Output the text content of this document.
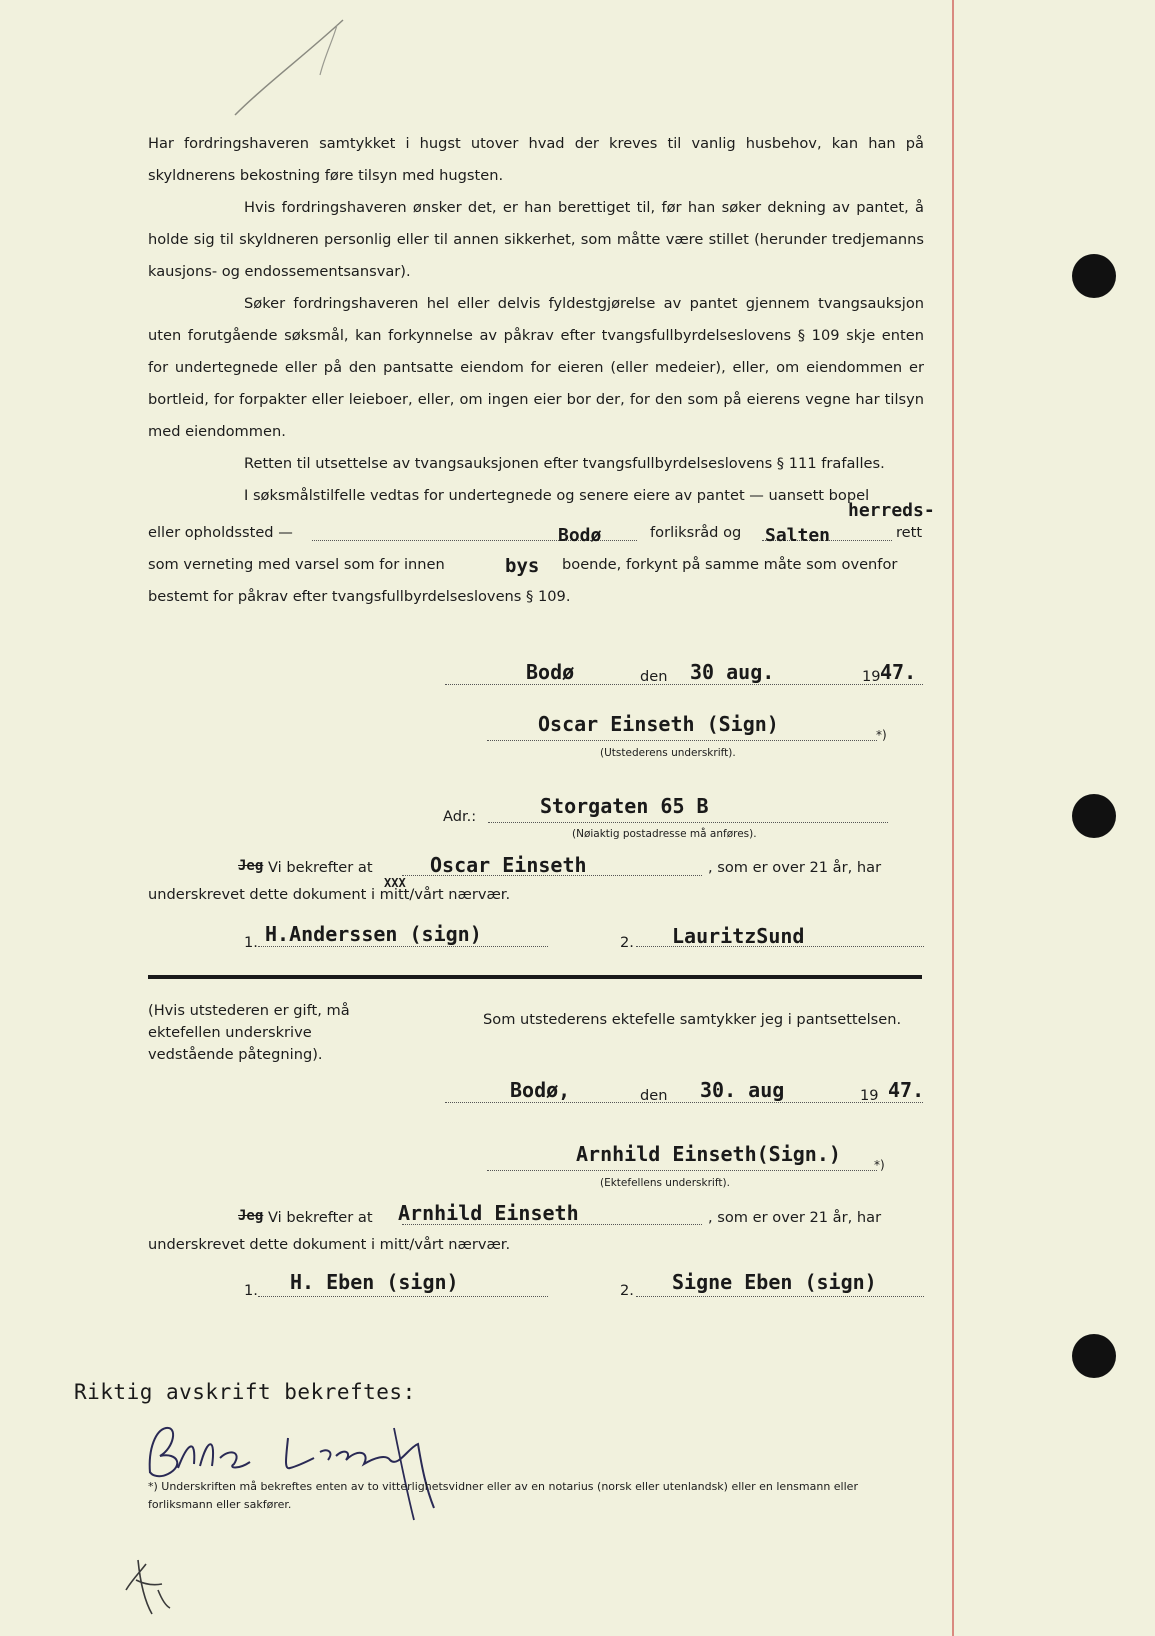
Har fordringshaveren samtykket i hugst utover hvad der kreves til vanlig husbehov, kan han på skyldnerens bekostning føre tilsyn med hugsten.

Hvis fordringshaveren ønsker det, er han berettiget til, før han søker dekning av pantet, å holde sig til skyldneren personlig eller til annen sikkerhet, som måtte være stillet (herunder tredjemanns kausjons- og endossementsansvar).

Søker fordringshaveren hel eller delvis fyldestgjørelse av pantet gjennem tvangsauksjon uten forutgående søksmål, kan forkynnelse av påkrav efter tvangsfullbyrdelseslovens § 109 skje enten for undertegnede eller på den pantsatte eiendom for eieren (eller medeier), eller, om eiendommen er bortleid, for forpakter eller leieboer, eller, om ingen eier bor der, for den som på eierens vegne har tilsyn med eiendommen.

Retten til utsettelse av tvangsauksjonen efter tvangsfullbyrdelseslovens § 111 frafalles.

I søksmålstilfelle vedtas for undertegnede og senere eiere av pantet — uansett bopel

herreds-
eller opholdssted —	Bodø	forliksråd og Salten	rett
som verneting med varsel som for innen	bys boende, forkynt på samme måte som ovenfor
bestemt for påkrav efter tvangsfullbyrdelseslovens § 109.
Bodø	den 30 aug.	19 47.
Oscar Einseth (Sign)	*)
(Utstederens underskrift).
Adr.:	Storgaten 65 B
(Nøiaktig postadresse må anføres).
Jeg Vi bekrefter at	Oscar Einseth	, som er over 21 år, har
underskrevet dette dokument i mitt/vårt nærvær.
XXX
1. H.Anderssen (sign)	2. LauritzSund
(Hvis utstederen er gift, må ektefellen underskrive vedstående påtegning).
Som utstederens ektefelle samtykker jeg i pantsettelsen.
Bodø,	den 30. aug	19 47.
Arnhild Einseth(Sign.)	*)
(Ektefellens underskrift).
Jeg Vi bekrefter at Arnhild Einseth	, som er over 21 år, har
underskrevet dette dokument i mitt/vårt nærvær.
1. H. Eben (sign)	2. Signe Eben (sign)
Riktig avskrift bekreftes:
*) Underskriften må bekreftes enten av to vitterlighetsvidner eller av en notarius (norsk eller utenlandsk) eller en lensmann eller forliksmann eller sakfører.
